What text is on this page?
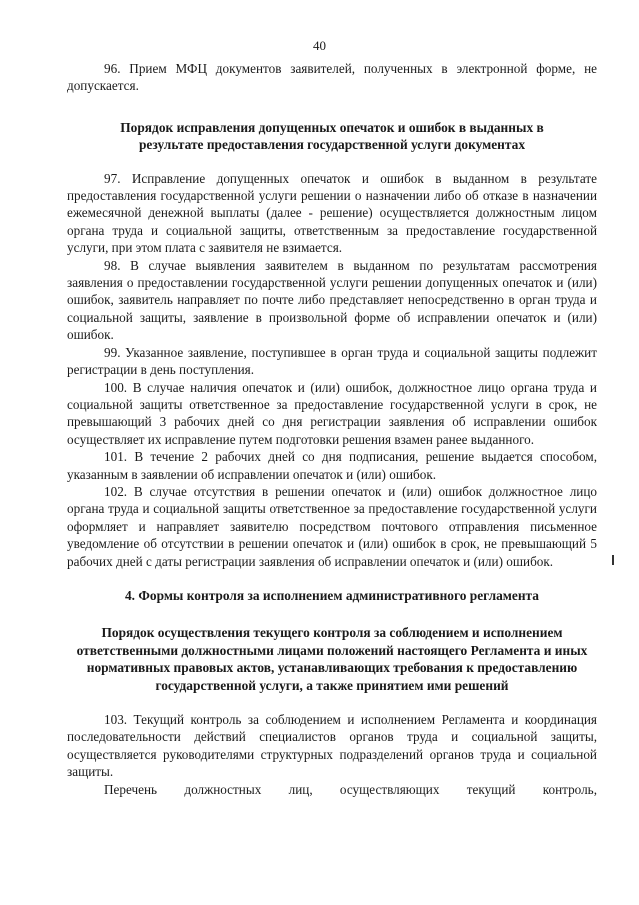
40

96. Прием МФЦ документов заявителей, полученных в электронной форме, не допускается.

Порядок исправления допущенных опечаток и ошибок в выданных в результате предоставления государственной услуги документах

97. Исправление допущенных опечаток и ошибок в выданном в результате предоставления государственной услуги решении о назначении либо об отказе в назначении ежемесячной денежной выплаты (далее - решение) осуществляется должностным лицом органа труда и социальной защиты, ответственным за предоставление государственной услуги, при этом плата с заявителя не взимается.

98. В случае выявления заявителем в выданном по результатам рассмотрения заявления о предоставлении государственной услуги решении допущенных опечаток и (или) ошибок, заявитель направляет по почте либо представляет непосредственно в орган труда и социальной защиты, заявление в произвольной форме об исправлении опечаток и (или) ошибок.

99. Указанное заявление, поступившее в орган труда и социальной защиты подлежит регистрации в день поступления.

100. В случае наличия опечаток и (или) ошибок, должностное лицо органа труда и социальной защиты ответственное за предоставление государственной услуги в срок, не превышающий 3 рабочих дней со дня регистрации заявления об исправлении ошибок осуществляет их исправление путем подготовки решения взамен ранее выданного.

101. В течение 2 рабочих дней со дня подписания, решение выдается способом, указанным в заявлении об исправлении опечаток и (или) ошибок.

102. В случае отсутствия в решении опечаток и (или) ошибок должностное лицо органа труда и социальной защиты ответственное за предоставление государственной услуги оформляет и направляет заявителю посредством почтового отправления письменное уведомление об отсутствии в решении опечаток и (или) ошибок в срок, не превышающий 5 рабочих дней с даты регистрации заявления об исправлении опечаток и (или) ошибок.

4. Формы контроля за исполнением административного регламента

Порядок осуществления текущего контроля за соблюдением и исполнением ответственными должностными лицами положений настоящего Регламента и иных нормативных правовых актов, устанавливающих требования к предоставлению государственной услуги, а также принятием ими решений

103. Текущий контроль за соблюдением и исполнением Регламента и координация последовательности действий специалистов органов труда и социальной защиты, осуществляется руководителями структурных подразделений органов труда и социальной защиты.

Перечень должностных лиц, осуществляющих текущий контроль,
